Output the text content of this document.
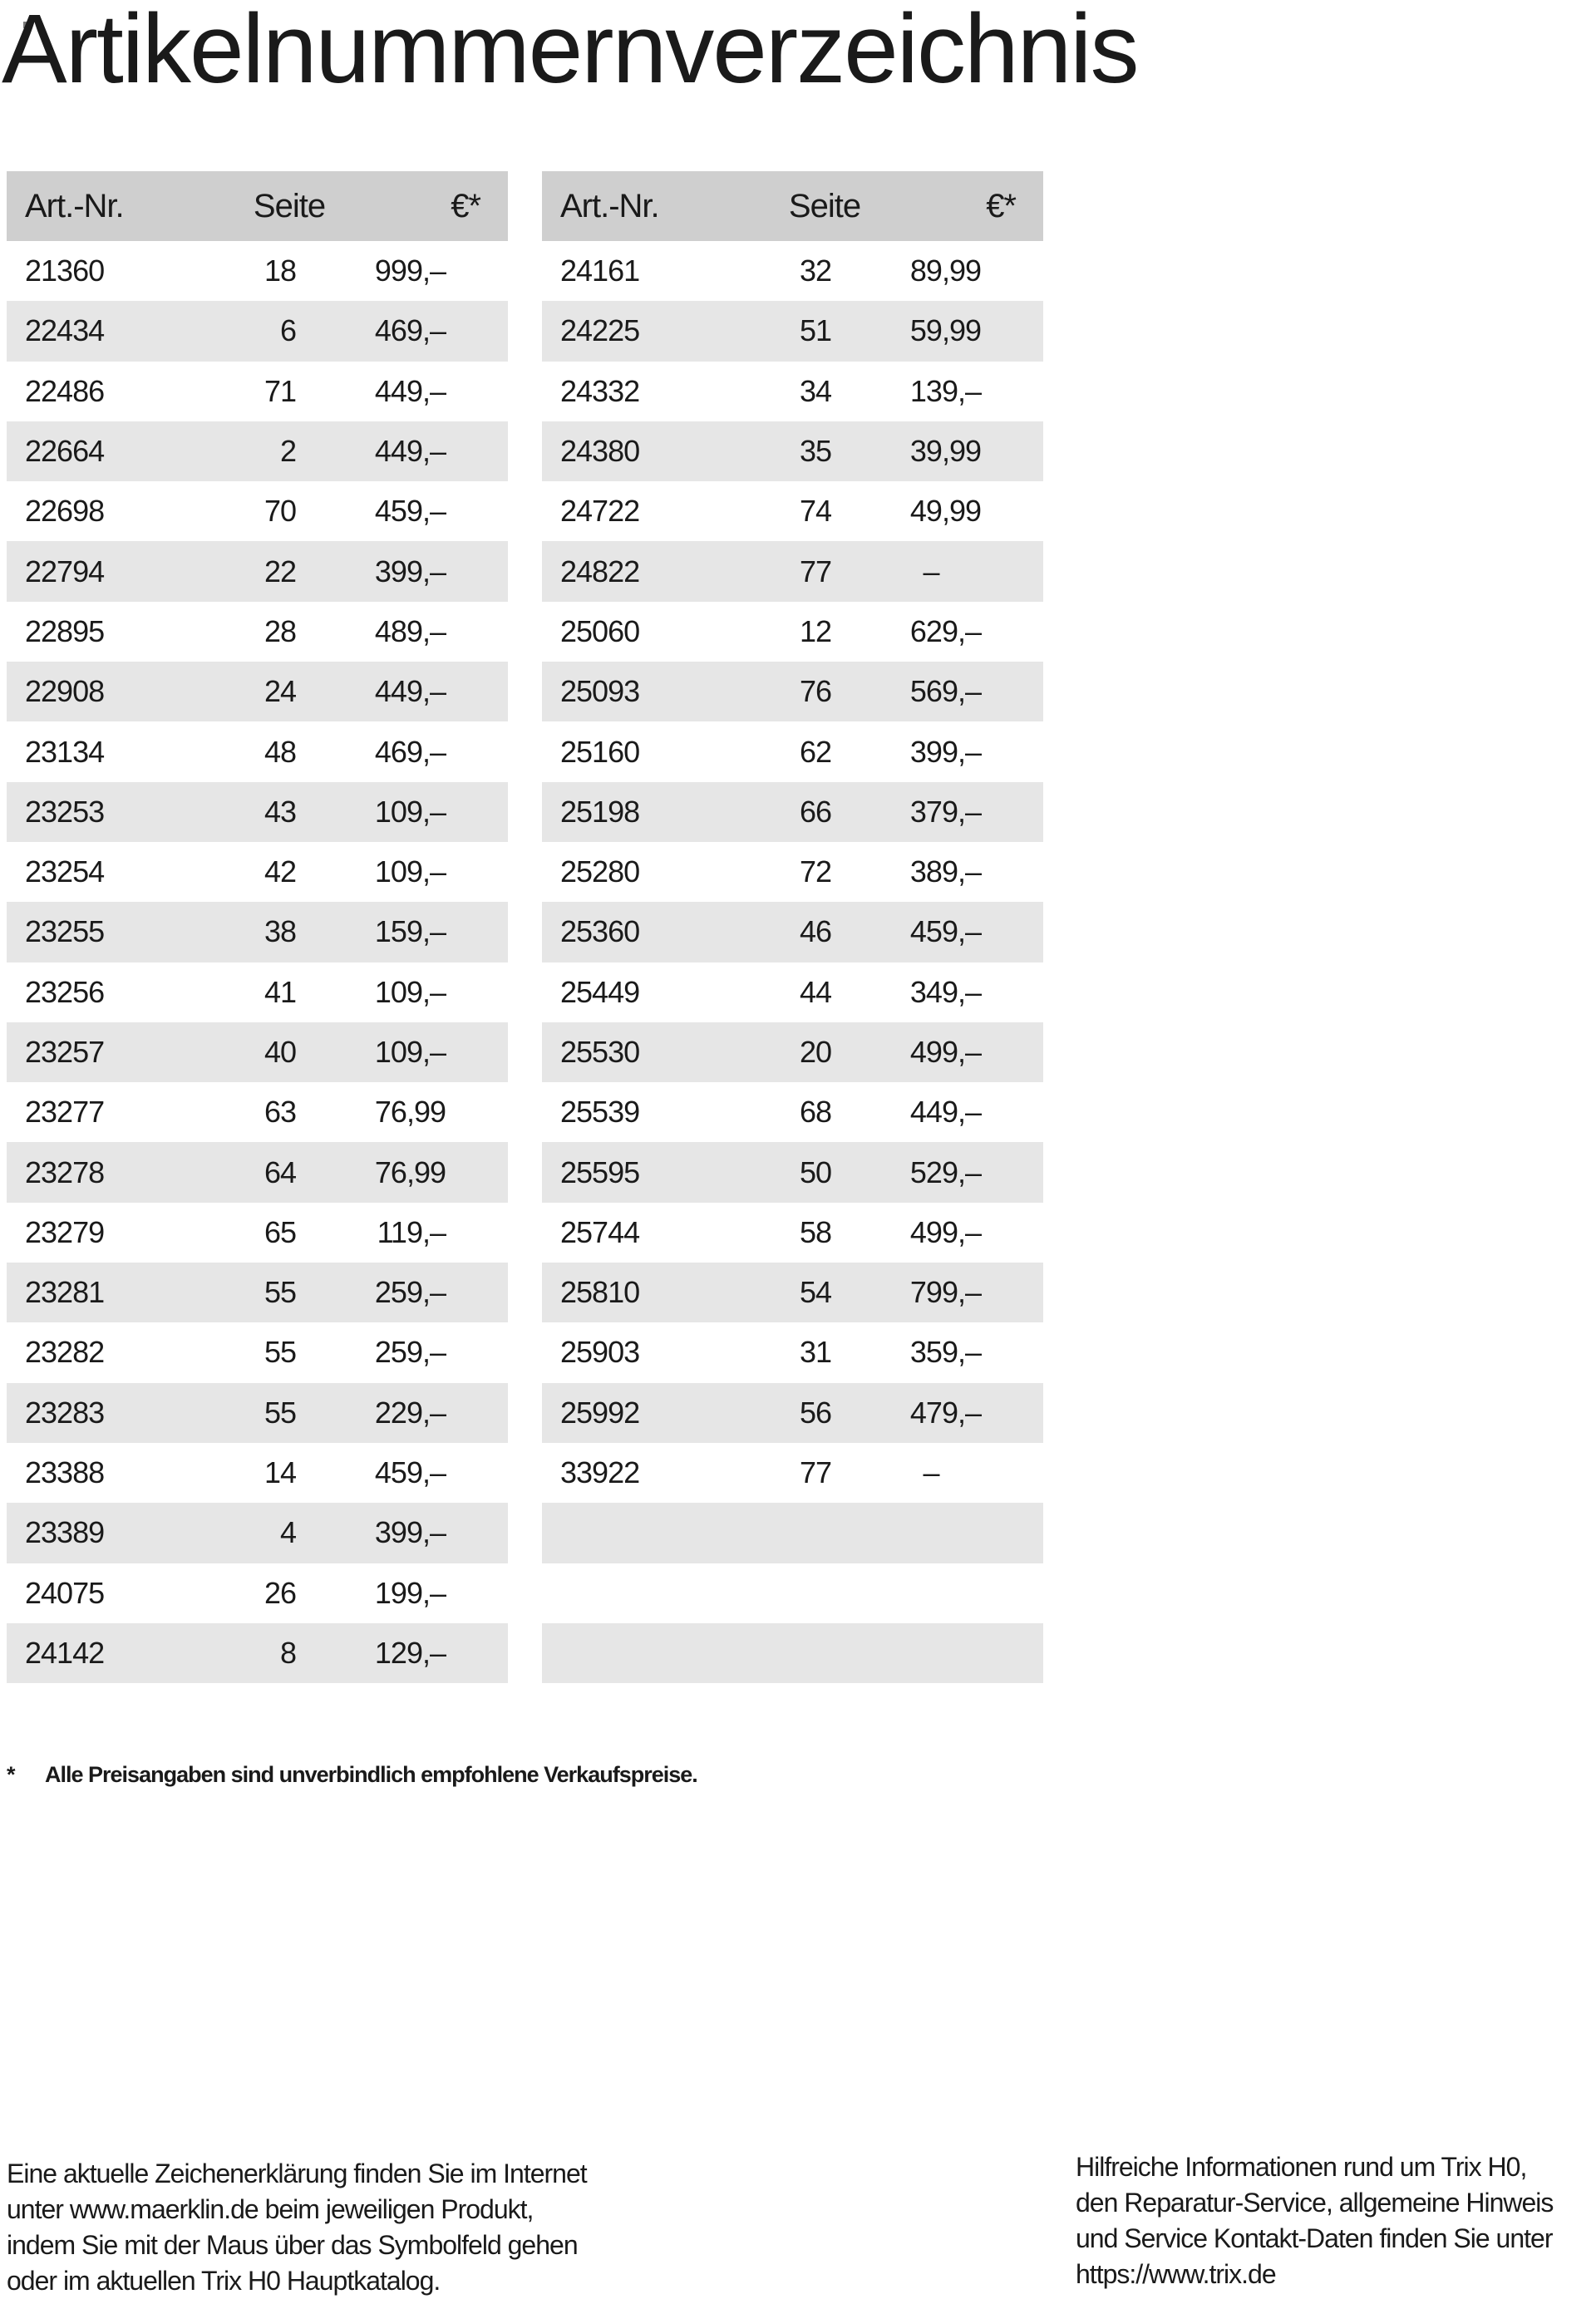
Artikelnummernverzeichnis
Art.-Nr.	Seite	€*
21360	18	999,–
22434	6	469,–
22486	71	449,–
22664	2	449,–
22698	70	459,–
22794	22	399,–
22895	28	489,–
22908	24	449,–
23134	48	469,–
23253	43	109,–
23254	42	109,–
23255	38	159,–
23256	41	109,–
23257	40	109,–
23277	63	76,99
23278	64	76,99
23279	65	119,–
23281	55	259,–
23282	55	259,–
23283	55	229,–
23388	14	459,–
23389	4	399,–
24075	26	199,–
24142	8	129,–
Art.-Nr.	Seite	€*
24161	32	89,99
24225	51	59,99
24332	34	139,–
24380	35	39,99
24722	74	49,99
24822	77	–
25060	12	629,–
25093	76	569,–
25160	62	399,–
25198	66	379,–
25280	72	389,–
25360	46	459,–
25449	44	349,–
25530	20	499,–
25539	68	449,–
25595	50	529,–
25744	58	499,–
25810	54	799,–
25903	31	359,–
25992	56	479,–
33922	77	–
* Alle Preisangaben sind unverbindlich empfohlene Verkaufspreise.
Eine aktuelle Zeichenerklärung finden Sie im Internet
unter www.maerklin.de beim jeweiligen Produkt,
indem Sie mit der Maus über das Symbolfeld gehen
oder im aktuellen Trix H0 Hauptkatalog.
Hilfreiche Informationen rund um Trix H0,
den Reparatur-Service, allgemeine Hinweis
und Service Kontakt-Daten finden Sie unter
https://www.trix.de
